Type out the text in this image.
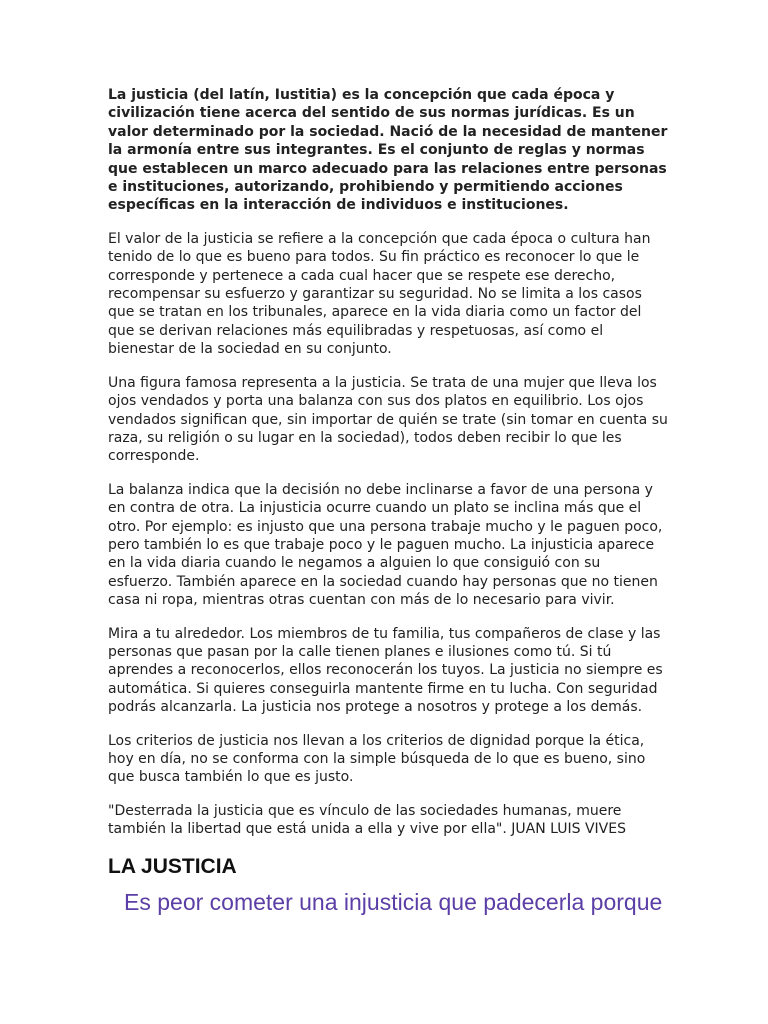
La justicia (del latín, Iustitia) es la concepción que cada época y civilización tiene acerca del sentido de sus normas jurídicas. Es un valor determinado por la sociedad. Nació de la necesidad de mantener la armonía entre sus integrantes. Es el conjunto de reglas y normas que establecen un marco adecuado para las relaciones entre personas e instituciones, autorizando, prohibiendo y permitiendo acciones específicas en la interacción de individuos e instituciones.

El valor de la justicia se refiere a la concepción que cada época o cultura han tenido de lo que es bueno para todos. Su fin práctico es reconocer lo que le corresponde y pertenece a cada cual hacer que se respete ese derecho, recompensar su esfuerzo y garantizar su seguridad. No se limita a los casos que se tratan en los tribunales, aparece en la vida diaria como un factor del que se derivan relaciones más equilibradas y respetuosas, así como el bienestar de la sociedad en su conjunto.

Una figura famosa representa a la justicia. Se trata de una mujer que lleva los ojos vendados y porta una balanza con sus dos platos en equilibrio. Los ojos vendados significan que, sin importar de quién se trate (sin tomar en cuenta su raza, su religión o su lugar en la sociedad), todos deben recibir lo que les corresponde.

La balanza indica que la decisión no debe inclinarse a favor de una persona y en contra de otra. La injusticia ocurre cuando un plato se inclina más que el otro. Por ejemplo: es injusto que una persona trabaje mucho y le paguen poco, pero también lo es que trabaje poco y le paguen mucho. La injusticia aparece en la vida diaria cuando le negamos a alguien lo que consiguió con su esfuerzo. También aparece en la sociedad cuando hay personas que no tienen casa ni ropa, mientras otras cuentan con más de lo necesario para vivir.

Mira a tu alrededor. Los miembros de tu familia, tus compañeros de clase y las personas que pasan por la calle tienen planes e ilusiones como tú. Si tú aprendes a reconocerlos, ellos reconocerán los tuyos. La justicia no siempre es automática. Si quieres conseguirla mantente firme en tu lucha. Con seguridad podrás alcanzarla. La justicia nos protege a nosotros y protege a los demás.

Los criterios de justicia nos llevan a los criterios de dignidad porque la ética, hoy en día, no se conforma con la simple búsqueda de lo que es bueno, sino que busca también lo que es justo.

"Desterrada la justicia que es vínculo de las sociedades humanas, muere también la libertad que está unida a ella y vive por ella". JUAN LUIS VIVES

LA JUSTICIA
Es peor cometer una injusticia que padecerla porque
